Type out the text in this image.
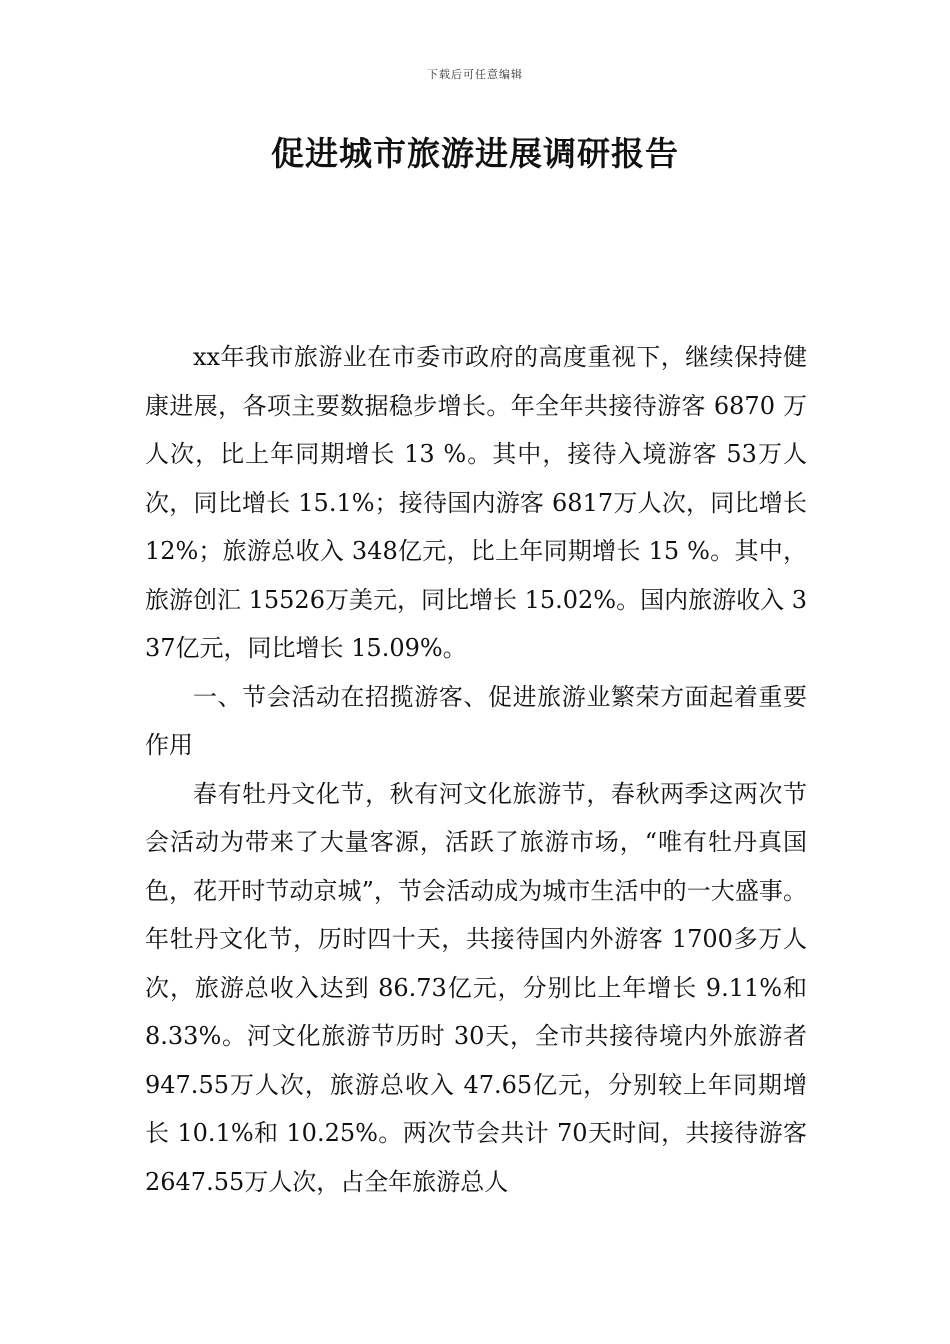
下载后可任意编辑
促进城市旅游进展调研报告

xx年我市旅游业在市委市政府的高度重视下，继续保持健康进展，各项主要数据稳步增长。年全年共接待游客 6870 万人次，比上年同期增长 13 %。其中，接待入境游客 53万人次，同比增长 15.1%；接待国内游客 6817万人次，同比增长 12%；旅游总收入 348亿元，比上年同期增长 15 %。其中，旅游创汇 15526万美元，同比增长 15.02%。国内旅游收入 337亿元，同比增长 15.09%。

一、节会活动在招揽游客、促进旅游业繁荣方面起着重要作用

春有牡丹文化节，秋有河文化旅游节，春秋两季这两次节会活动为带来了大量客源，活跃了旅游市场，“唯有牡丹真国色，花开时节动京城”，节会活动成为城市生活中的一大盛事。年牡丹文化节，历时四十天，共接待国内外游客 1700多万人次，旅游总收入达到 86.73亿元，分别比上年增长 9.11%和 8.33%。河文化旅游节历时 30天，全市共接待境内外旅游者 947.55万人次，旅游总收入 47.65亿元，分别较上年同期增长 10.1%和 10.25%。两次节会共计 70天时间，共接待游客 2647.55万人次，占全年旅游总人
